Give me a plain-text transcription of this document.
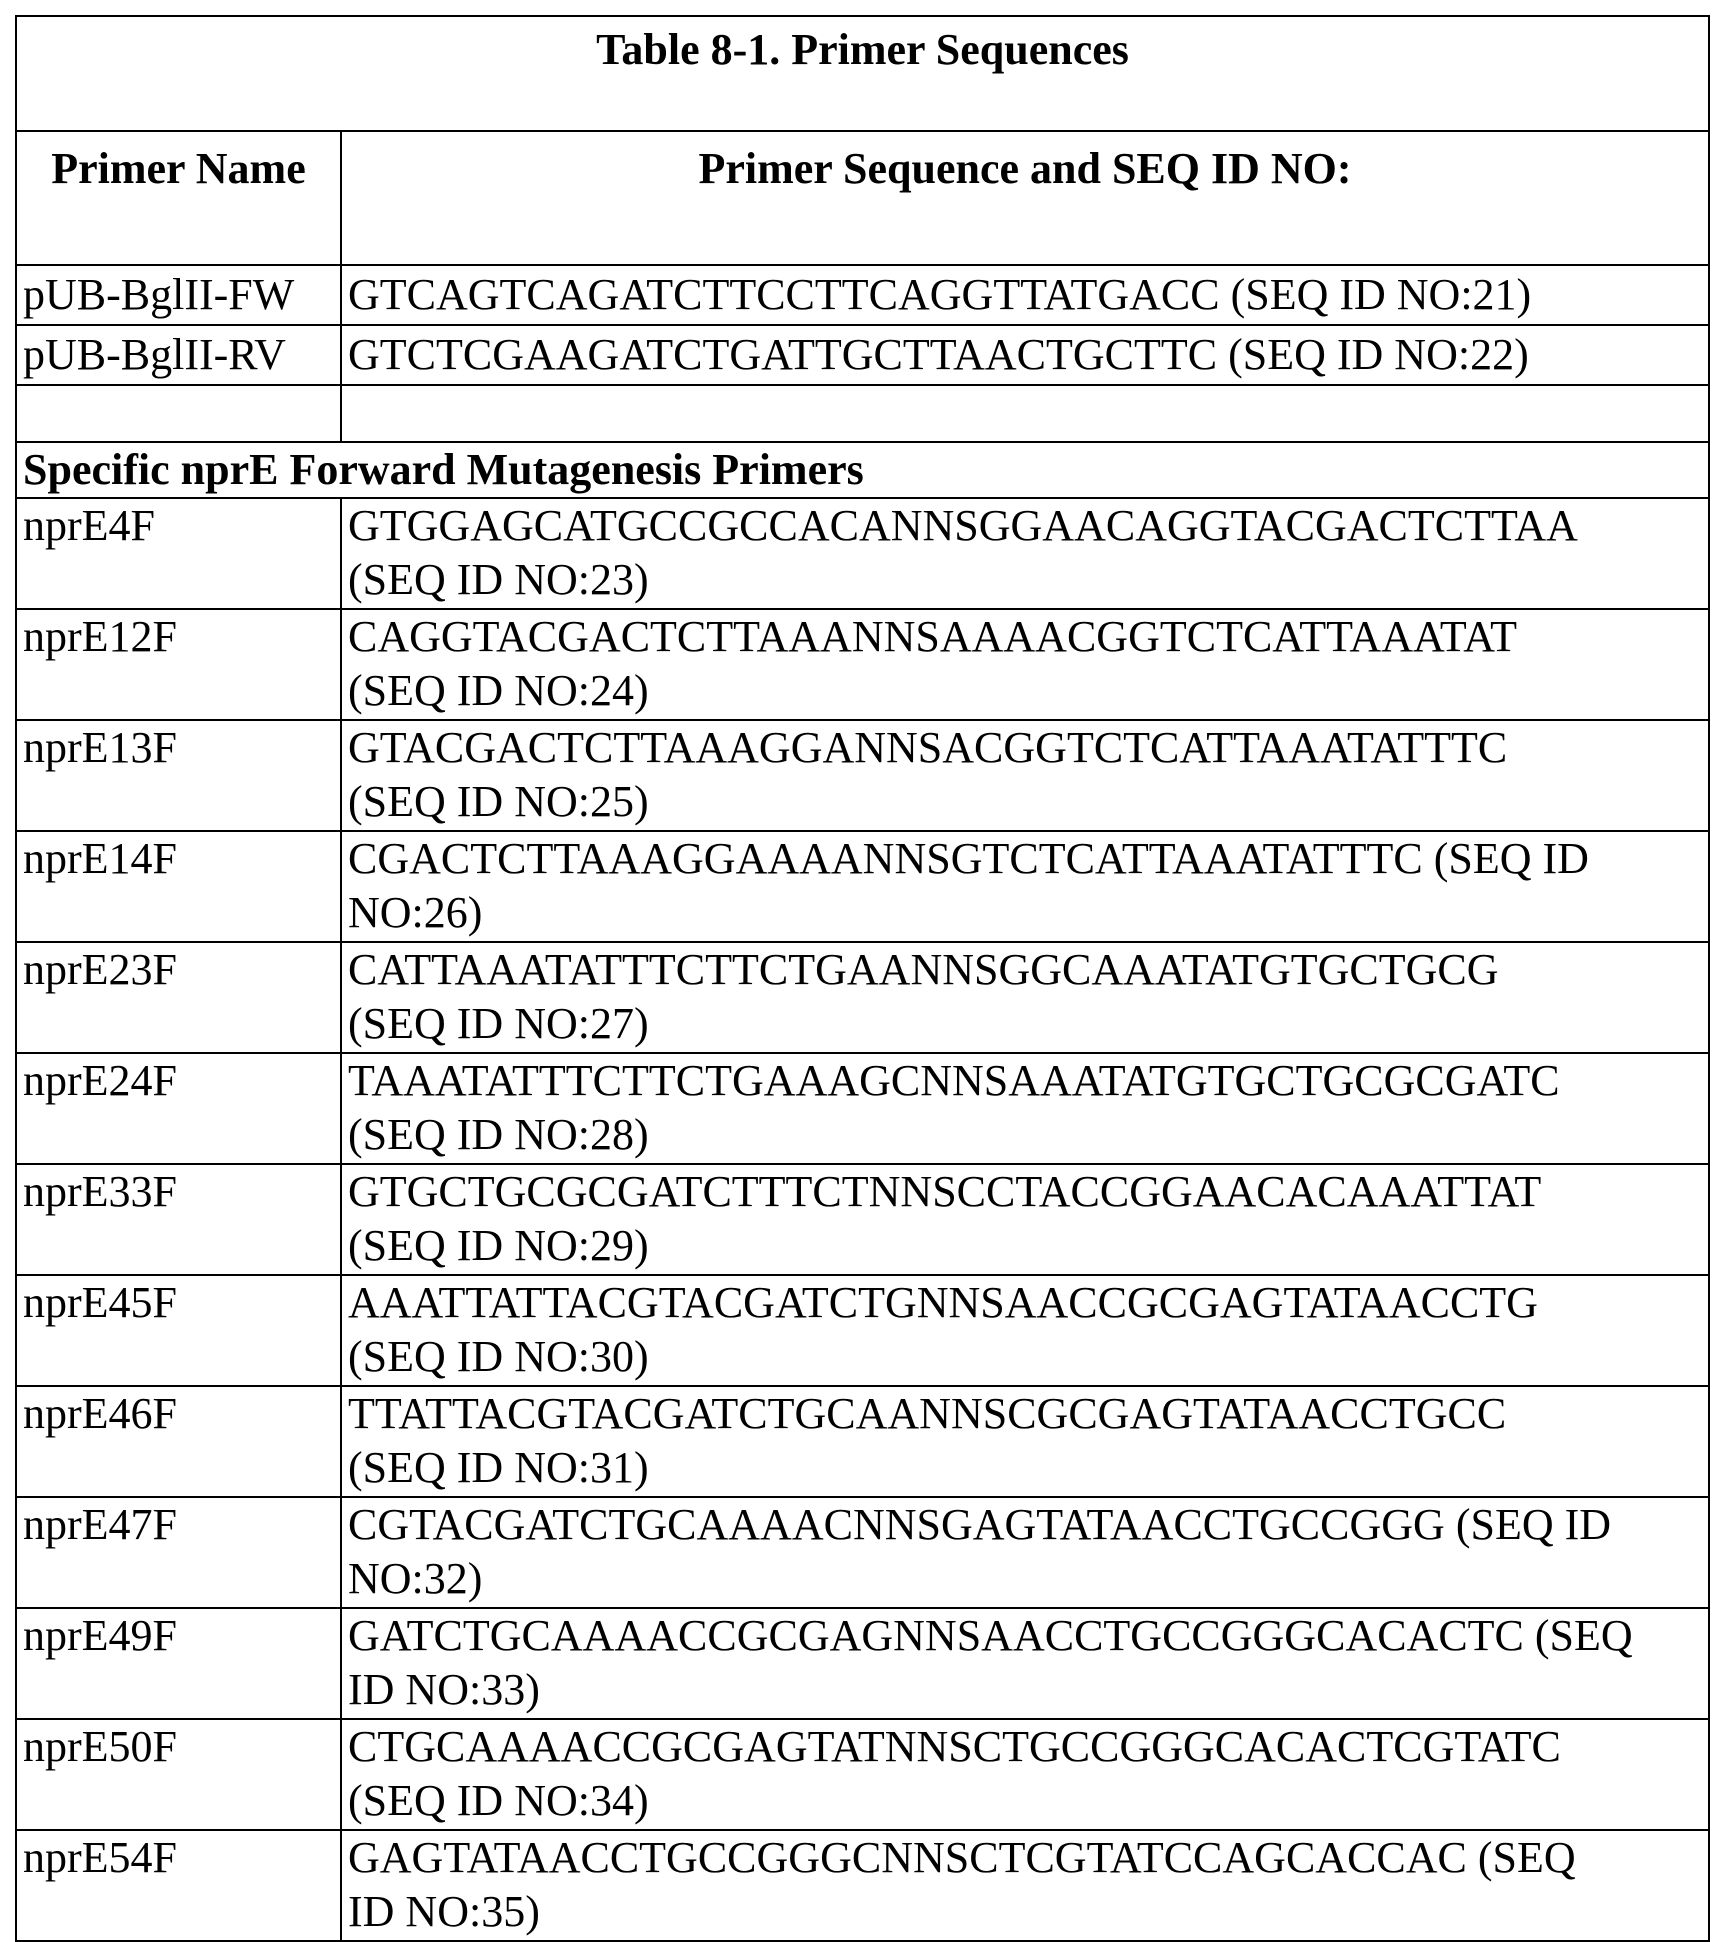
Table 8-1. Primer Sequences
Primer Name	Primer Sequence and SEQ ID NO:
pUB-BglII-FW	GTCAGTCAGATCTTCCTTCAGGTTATGACC (SEQ ID NO:21)
pUB-BglII-RV	GTCTCGAAGATCTGATTGCTTAACTGCTTC (SEQ ID NO:22)

Specific nprE Forward Mutagenesis Primers
nprE4F	GTGGAGCATGCCGCCACANNSGGAACAGGTACGACTCTTAA
(SEQ ID NO:23)

nprE12F	CAGGTACGACTCTTAAANNSAAAACGGTCTCATTAAATAT
(SEQ ID NO:24)

nprE13F	GTACGACTCTTAAAGGANNSACGGTCTCATTAAATATTTC
(SEQ ID NO:25)

nprE14F	CGACTCTTAAAGGAAAANNSGTCTCATTAAATATTTC (SEQ ID
NO:26)

nprE23F	CATTAAATATTTCTTCTGAANNSGGCAAATATGTGCTGCG
(SEQ ID NO:27)

nprE24F	TAAATATTTCTTCTGAAAGCNNSAAATATGTGCTGCGCGATC
(SEQ ID NO:28)

nprE33F	GTGCTGCGCGATCTTTCTNNSCCTACCGGAACACAAATTAT
(SEQ ID NO:29)

nprE45F	AAATTATTACGTACGATCTGNNSAACCGCGAGTATAACCTG
(SEQ ID NO:30)

nprE46F	TTATTACGTACGATCTGCAANNSCGCGAGTATAACCTGCC
(SEQ ID NO:31)

nprE47F	CGTACGATCTGCAAAACNNSGAGTATAACCTGCCGGG (SEQ ID
NO:32)

nprE49F	GATCTGCAAAACCGCGAGNNSAACCTGCCGGGCACACTC (SEQ
ID NO:33)

nprE50F	CTGCAAAACCGCGAGTATNNSCTGCCGGGCACACTCGTATC
(SEQ ID NO:34)

nprE54F	GAGTATAACCTGCCGGGCNNSCTCGTATCCAGCACCAC (SEQ
ID NO:35)
